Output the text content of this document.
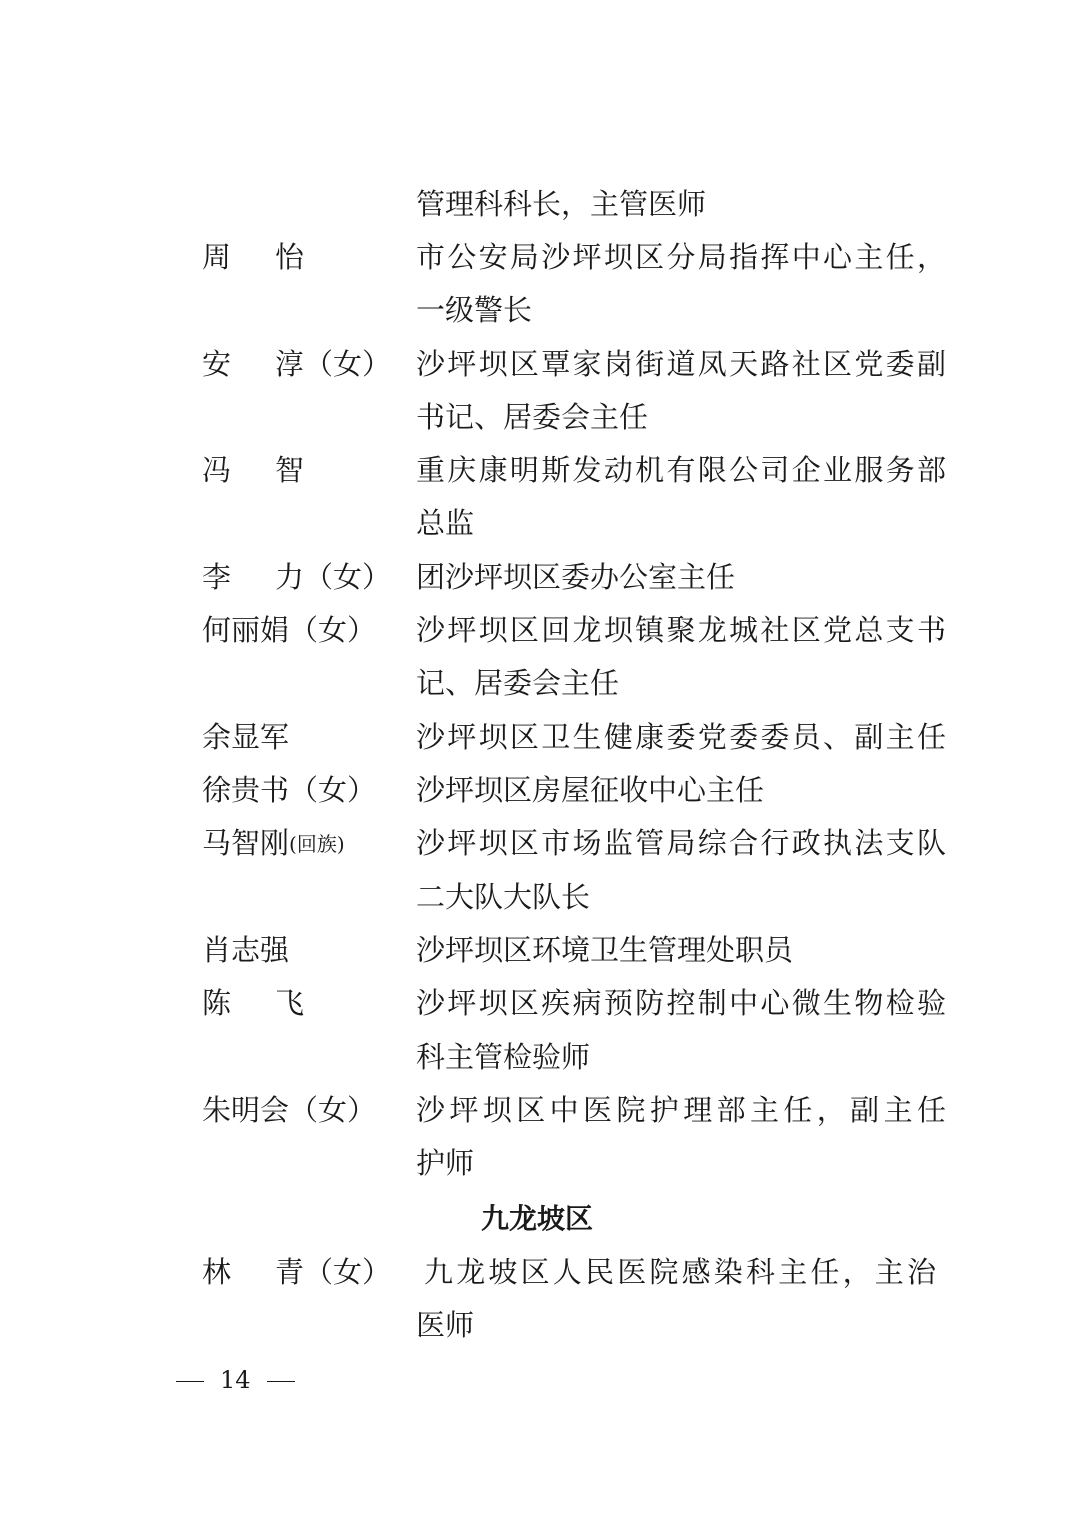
管理科科长，主管医师
周 怡	市公安局沙坪坝区分局指挥中心主任，
一级警长
安 淳（女） 沙坪坝区覃家岗街道凤天路社区党委副
书记、居委会主任
冯 智	重庆康明斯发动机有限公司企业服务部
总监
李 力（女） 团沙坪坝区委办公室主任
何丽娟（女）	沙坪坝区回龙坝镇聚龙城社区党总支书
记、居委会主任
余显军	沙坪坝区卫生健康委党委委员、副主任
徐贵书（女）	沙坪坝区房屋征收中心主任
马智刚(回族)	沙坪坝区市场监管局综合行政执法支队
二大队大队长
肖志强	沙坪坝区环境卫生管理处职员
陈 飞	沙坪坝区疾病预防控制中心微生物检验
科主管检验师
朱明会（女）	沙坪坝区中医院护理部主任，副主任
护师
九龙坡区
林 青（女）	九龙坡区人民医院感染科主任，主治
医师
14
